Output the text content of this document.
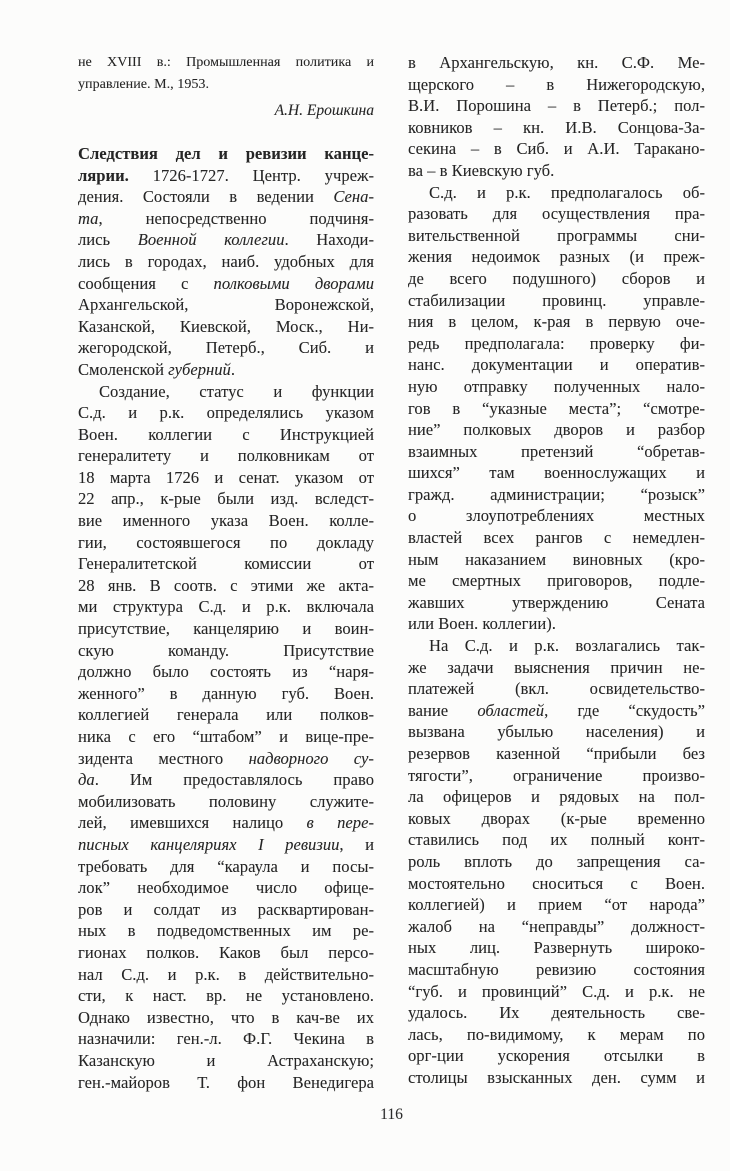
не XVIII в.: Промышленная политика и
управление. М., 1953.
А.Н. Ерошкина
Следствия дел и ревизии канце-
лярии. 1726-1727. Центр. учреж-
дения. Состояли в ведении Сена-
та, непосредственно подчиня-
лись Военной коллегии. Находи-
лись в городах, наиб. удобных для
сообщения с полковыми дворами
Архангельской, Воронежской,
Казанской, Киевской, Моск., Ни-
жегородской, Петерб., Сиб. и
Смоленской губерний.
Создание, статус и функции
С.д. и р.к. определялись указом
Воен. коллегии с Инструкцией
генералитету и полковникам от
18 марта 1726 и сенат. указом от
22 апр., к-рые были изд. вследст-
вие именного указа Воен. колле-
гии, состоявшегося по докладу
Генералитетской комиссии от
28 янв. В соотв. с этими же акта-
ми структура С.д. и р.к. включала
присутствие, канцелярию и воин-
скую команду. Присутствие
должно было состоять из “наря-
женного” в данную губ. Воен.
коллегией генерала или полков-
ника с его “штабом” и вице-пре-
зидента местного надворного су-
да. Им предоставлялось право
мобилизовать половину служите-
лей, имевшихся налицо в пере-
писных канцеляриях I ревизии, и
требовать для “караула и посы-
лок” необходимое число офице-
ров и солдат из расквартирован-
ных в подведомственных им ре-
гионах полков. Каков был персо-
нал С.д. и р.к. в действительно-
сти, к наст. вр. не установлено.
Однако известно, что в кач-ве их
назначили: ген.-л. Ф.Г. Чекина в
Казанскую и Астраханскую;
ген.-майоров Т. фон Венедигера
в Архангельскую, кн. С.Ф. Ме-
щерского – в Нижегородскую,
В.И. Порошина – в Петерб.; пол-
ковников – кн. И.В. Сонцова-За-
секина – в Сиб. и А.И. Таракано-
ва – в Киевскую губ.
С.д. и р.к. предполагалось об-
разовать для осуществления пра-
вительственной программы сни-
жения недоимок разных (и преж-
де всего подушного) сборов и
стабилизации провинц. управле-
ния в целом, к-рая в первую оче-
редь предполагала: проверку фи-
нанс. документации и оператив-
ную отправку полученных нало-
гов в “указные места”; “смотре-
ние” полковых дворов и разбор
взаимных претензий “обретав-
шихся” там военнослужащих и
гражд. администрации; “розыск”
о злоупотреблениях местных
властей всех рангов с немедлен-
ным наказанием виновных (кро-
ме смертных приговоров, подле-
жавших утверждению Сената
или Воен. коллегии).
На С.д. и р.к. возлагались так-
же задачи выяснения причин не-
платежей (вкл. освидетельство-
вание областей, где “скудость”
вызвана убылью населения) и
резервов казенной “прибыли без
тягости”, ограничение произво-
ла офицеров и рядовых на пол-
ковых дворах (к-рые временно
ставились под их полный конт-
роль вплоть до запрещения са-
мостоятельно сноситься с Воен.
коллегией) и прием “от народа”
жалоб на “неправды” должност-
ных лиц. Развернуть широко-
масштабную ревизию состояния
“губ. и провинций” С.д. и р.к. не
удалось. Их деятельность све-
лась, по-видимому, к мерам по
орг-ции ускорения отсылки в
столицы взысканных ден. сумм и
116
